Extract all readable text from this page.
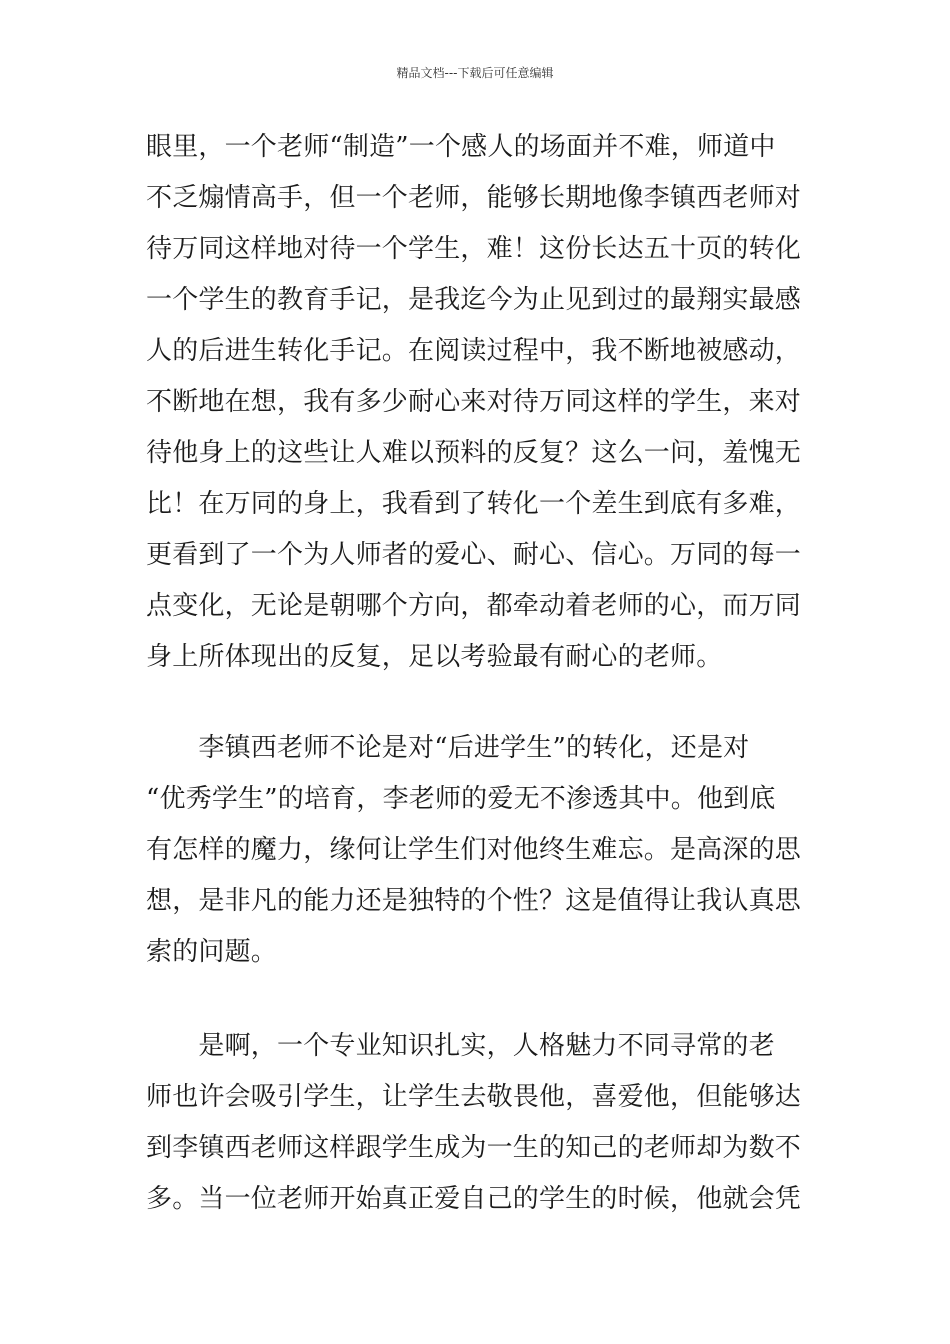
精品文档---下载后可任意编辑
眼里，一个老师“制造”一个感人的场面并不难，师道中
不乏煽情高手，但一个老师，能够长期地像李镇西老师对
待万同这样地对待一个学生，难！这份长达五十页的转化
一个学生的教育手记，是我迄今为止见到过的最翔实最感
人的后进生转化手记。在阅读过程中，我不断地被感动，
不断地在想，我有多少耐心来对待万同这样的学生，来对
待他身上的这些让人难以预料的反复？这么一问，羞愧无
比！在万同的身上，我看到了转化一个差生到底有多难，
更看到了一个为人师者的爱心、耐心、信心。万同的每一
点变化，无论是朝哪个方向，都牵动着老师的心，而万同
身上所体现出的反复，足以考验最有耐心的老师。
　　李镇西老师不论是对“后进学生”的转化，还是对
“优秀学生”的培育，李老师的爱无不渗透其中。他到底
有怎样的魔力，缘何让学生们对他终生难忘。是高深的思
想，是非凡的能力还是独特的个性？这是值得让我认真思
索的问题。
　　是啊，一个专业知识扎实，人格魅力不同寻常的老
师也许会吸引学生，让学生去敬畏他，喜爱他，但能够达
到李镇西老师这样跟学生成为一生的知己的老师却为数不
多。当一位老师开始真正爱自己的学生的时候，他就会凭
